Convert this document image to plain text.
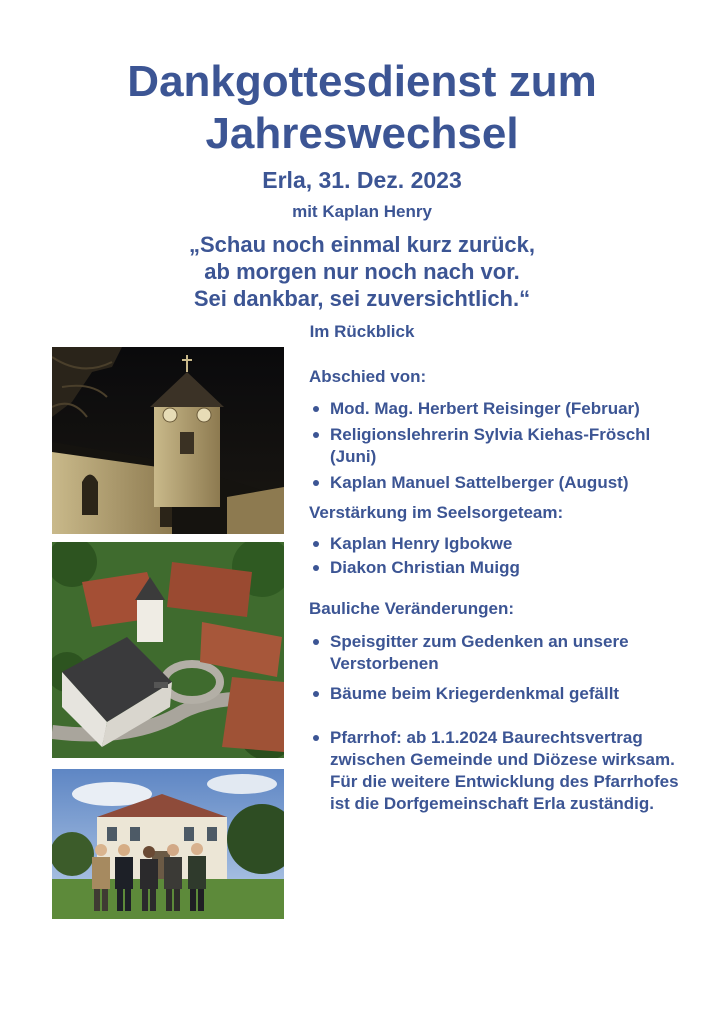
Dankgottesdienst zum
Jahreswechsel
Erla, 31. Dez. 2023
mit Kaplan Henry
„Schau noch einmal kurz zurück,
ab morgen nur noch nach vor.
Sei dankbar, sei zuversichtlich.“
Im Rückblick

Abschied von:

Mod. Mag. Herbert Reisinger (Februar)
Religionslehrerin Sylvia Kiehas-Fröschl (Juni)
Kaplan Manuel Sattelberger (August)

Verstärkung im Seelsorgeteam:

Kaplan Henry Igbokwe
Diakon Christian Muigg

Bauliche Veränderungen:

Speisgitter zum Gedenken an unsere Verstorbenen
Bäume beim Kriegerdenkmal gefällt
Pfarrhof: ab 1.1.2024 Baurechtsvertrag zwischen Gemeinde und Diözese wirksam. Für die weitere Entwicklung des Pfarrhofes ist die Dorfgemeinschaft Erla zuständig.
